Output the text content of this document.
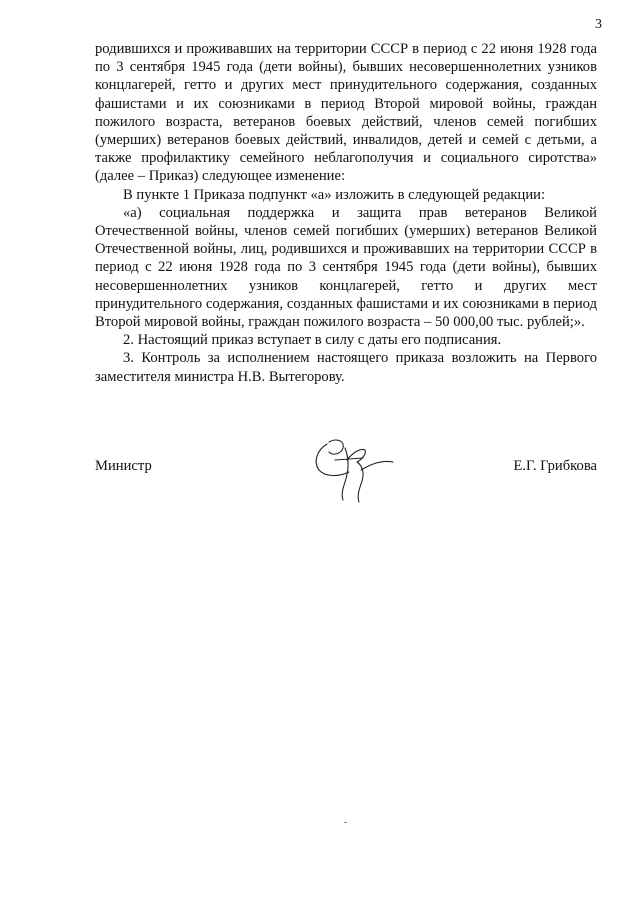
3

родившихся и проживавших на территории СССР в период с 22 июня 1928 года по 3 сентября 1945 года (дети войны), бывших несовершеннолетних узников концлагерей, гетто и других мест принудительного содержания, созданных фашистами и их союзниками в период Второй мировой войны, граждан пожилого возраста, ветеранов боевых действий, членов семей погибших (умерших) ветеранов боевых действий, инвалидов, детей и семей с детьми, а также профилактику семейного неблагополучия и социального сиротства» (далее – Приказ) следующее изменение:

В пункте 1 Приказа подпункт «а» изложить в следующей редакции:

«а) социальная поддержка и защита прав ветеранов Великой Отечественной войны, членов семей погибших (умерших) ветеранов Великой Отечественной войны, лиц, родившихся и проживавших на территории СССР в период с 22 июня 1928 года по 3 сентября 1945 года (дети войны), бывших несовершеннолетних узников концлагерей, гетто и других мест принудительного содержания, созданных фашистами и их союзниками в период Второй мировой войны, граждан пожилого возраста – 50 000,00 тыс. рублей;».

2. Настоящий приказ вступает в силу с даты его подписания.

3. Контроль за исполнением настоящего приказа возложить на Первого заместителя министра Н.В. Вытегорову.

Министр	Е.Г. Грибкова
